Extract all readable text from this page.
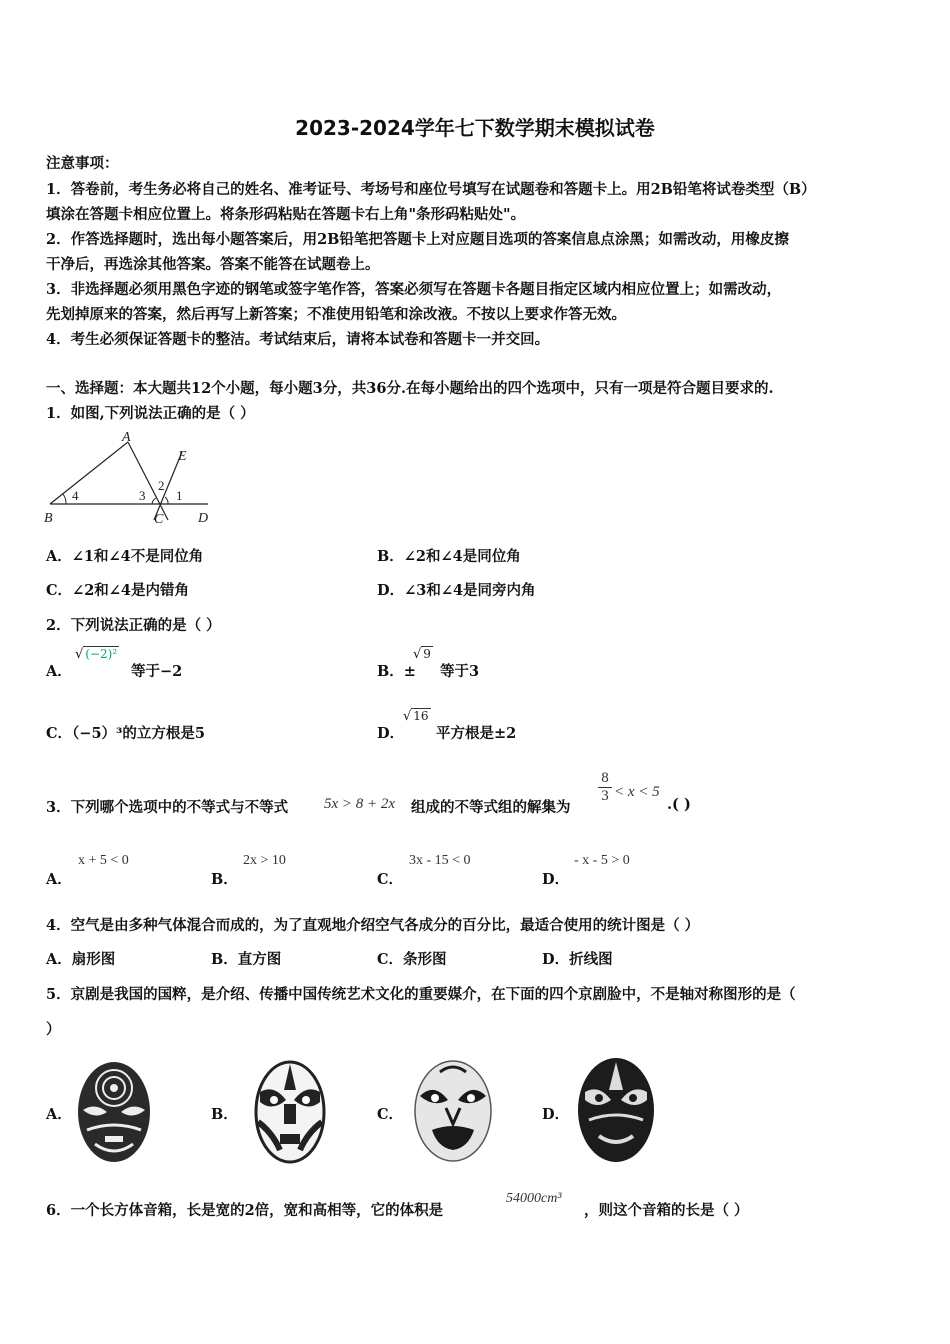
2023-2024学年七下数学期末模拟试卷
注意事项：
1．答卷前，考生务必将自己的姓名、准考证号、考场号和座位号填写在试题卷和答题卡上。用2B铅笔将试卷类型（B）
填涂在答题卡相应位置上。将条形码粘贴在答题卡右上角"条形码粘贴处"。
2．作答选择题时，选出每小题答案后，用2B铅笔把答题卡上对应题目选项的答案信息点涂黑；如需改动，用橡皮擦
干净后，再选涂其他答案。答案不能答在试题卷上。
3．非选择题必须用黑色字迹的钢笔或签字笔作答，答案必须写在答题卡各题目指定区域内相应位置上；如需改动，
先划掉原来的答案，然后再写上新答案；不准使用铅笔和涂改液。不按以上要求作答无效。
4．考生必须保证答题卡的整洁。考试结束后，请将本试卷和答题卡一并交回。
一、选择题：本大题共12个小题，每小题3分，共36分.在每小题给出的四个选项中，只有一项是符合题目要求的.
1．如图,下列说法正确的是（ ）
A
B	C D
E
1
2
3
4
A．∠1和∠4不是同位角	B．∠2和∠4是同位角
C．∠2和∠4是内错角	D．∠3和∠4是同旁内角
2．下列说法正确的是（ ）
A．
√ (−2)²
等于−2	B．±
√ 9
等于3
C．（−5）³的立方根是5	D．
√ 16
平方根是±2
3．下列哪个选项中的不等式与不等式 5x > 8 + 2x 组成的不等式组的解集为
$\frac{8}{3} < x < 5$
.( )
A．
x + 5 < 0
B．
2x > 10
C．
3x - 15 < 0
D．
- x - 5 > 0
4．空气是由多种气体混合而成的，为了直观地介绍空气各成分的百分比，最适合使用的统计图是（ ）
A．扇形图	B．直方图	C．条形图	D．折线图
5．京剧是我国的国粹，是介绍、传播中国传统艺术文化的重要媒介，在下面的四个京剧脸中，不是轴对称图形的是（
）
A．	B．	C．	D．
6．一个长方体音箱，长是宽的2倍，宽和高相等，它的体积是
54000cm³
，则这个音箱的长是（ ）
